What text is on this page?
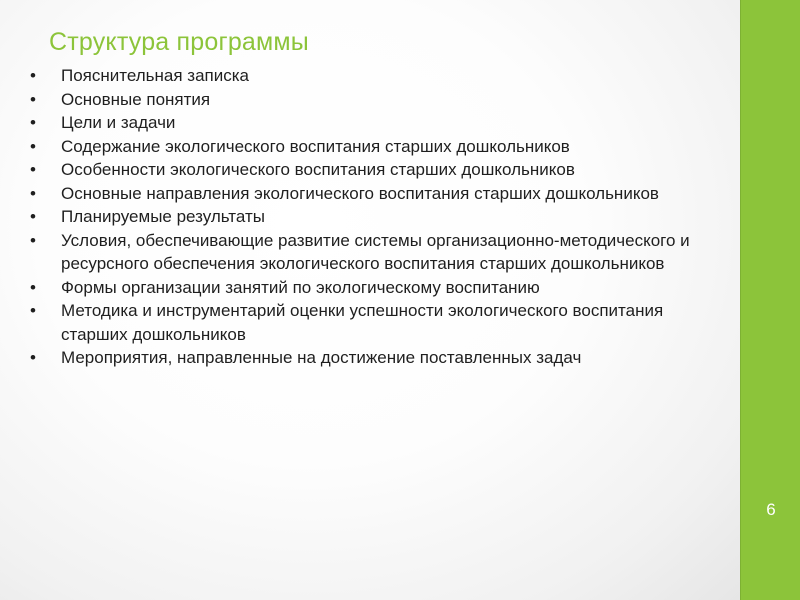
Структура программы
•	Пояснительная записка
•	Основные понятия
•	Цели и задачи
•	Содержание экологического воспитания старших дошкольников
•	Особенности экологического воспитания старших дошкольников
•	Основные направления экологического воспитания старших дошкольников
•	Планируемые результаты
•	Условия, обеспечивающие развитие системы организационно-методического и ресурсного обеспечения экологического воспитания старших дошкольников
•	Формы организации занятий по экологическому воспитанию
•	Методика и инструментарий оценки успешности экологического воспитания старших дошкольников
•	Мероприятия, направленные на достижение поставленных задач
6
